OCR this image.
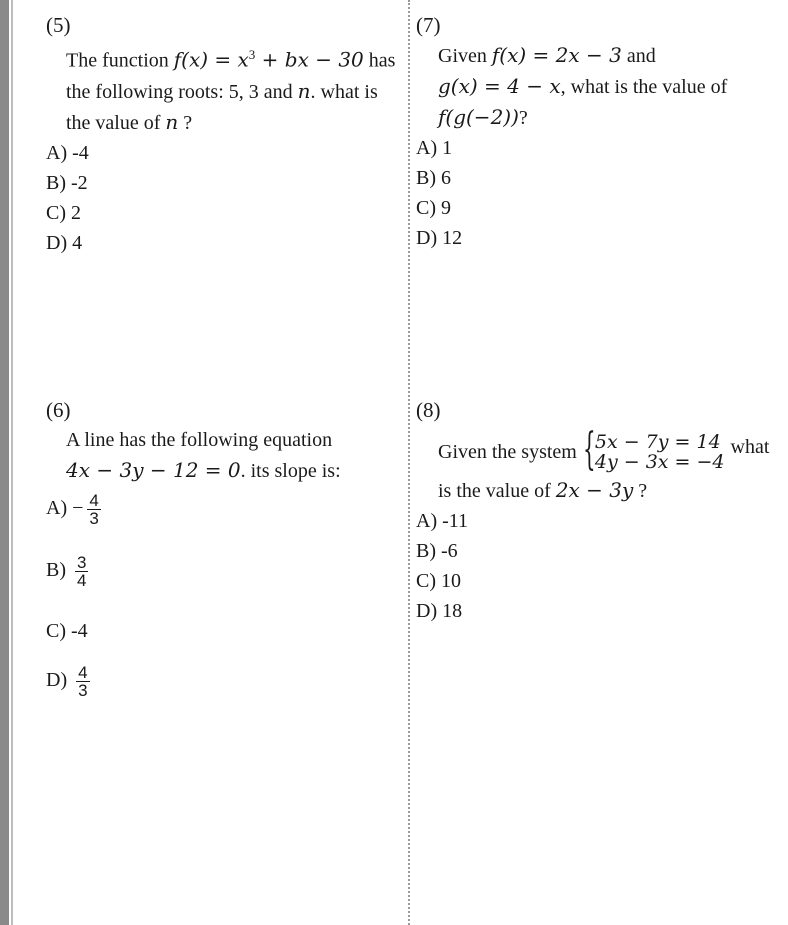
(5)
The function $f(x) = x^3$ + bx − 30 has
the following roots: 5, 3 and n. what is
the value of n ?
A) -4
B) -2
C) 2
D) 4
(7)
Given f(x) = 2x − 3 and
g(x) = 4 − x, what is the value of
f(g(−2))?
A) 1
B) 6
C) 9
D) 12
(6)
A line has the following equation
4x − 3y − 12 = 0. its slope is:
$A) - \frac{4}{3}$
$B) \frac{3}{4}$
C) -4
$D) \frac{4}{3}$
(8)
Given the system { 5x − 7y = 14
4y − 3x = −4
what
is the value of 2x − 3y ?
A) -11
B) -6
C) 10
D) 18
